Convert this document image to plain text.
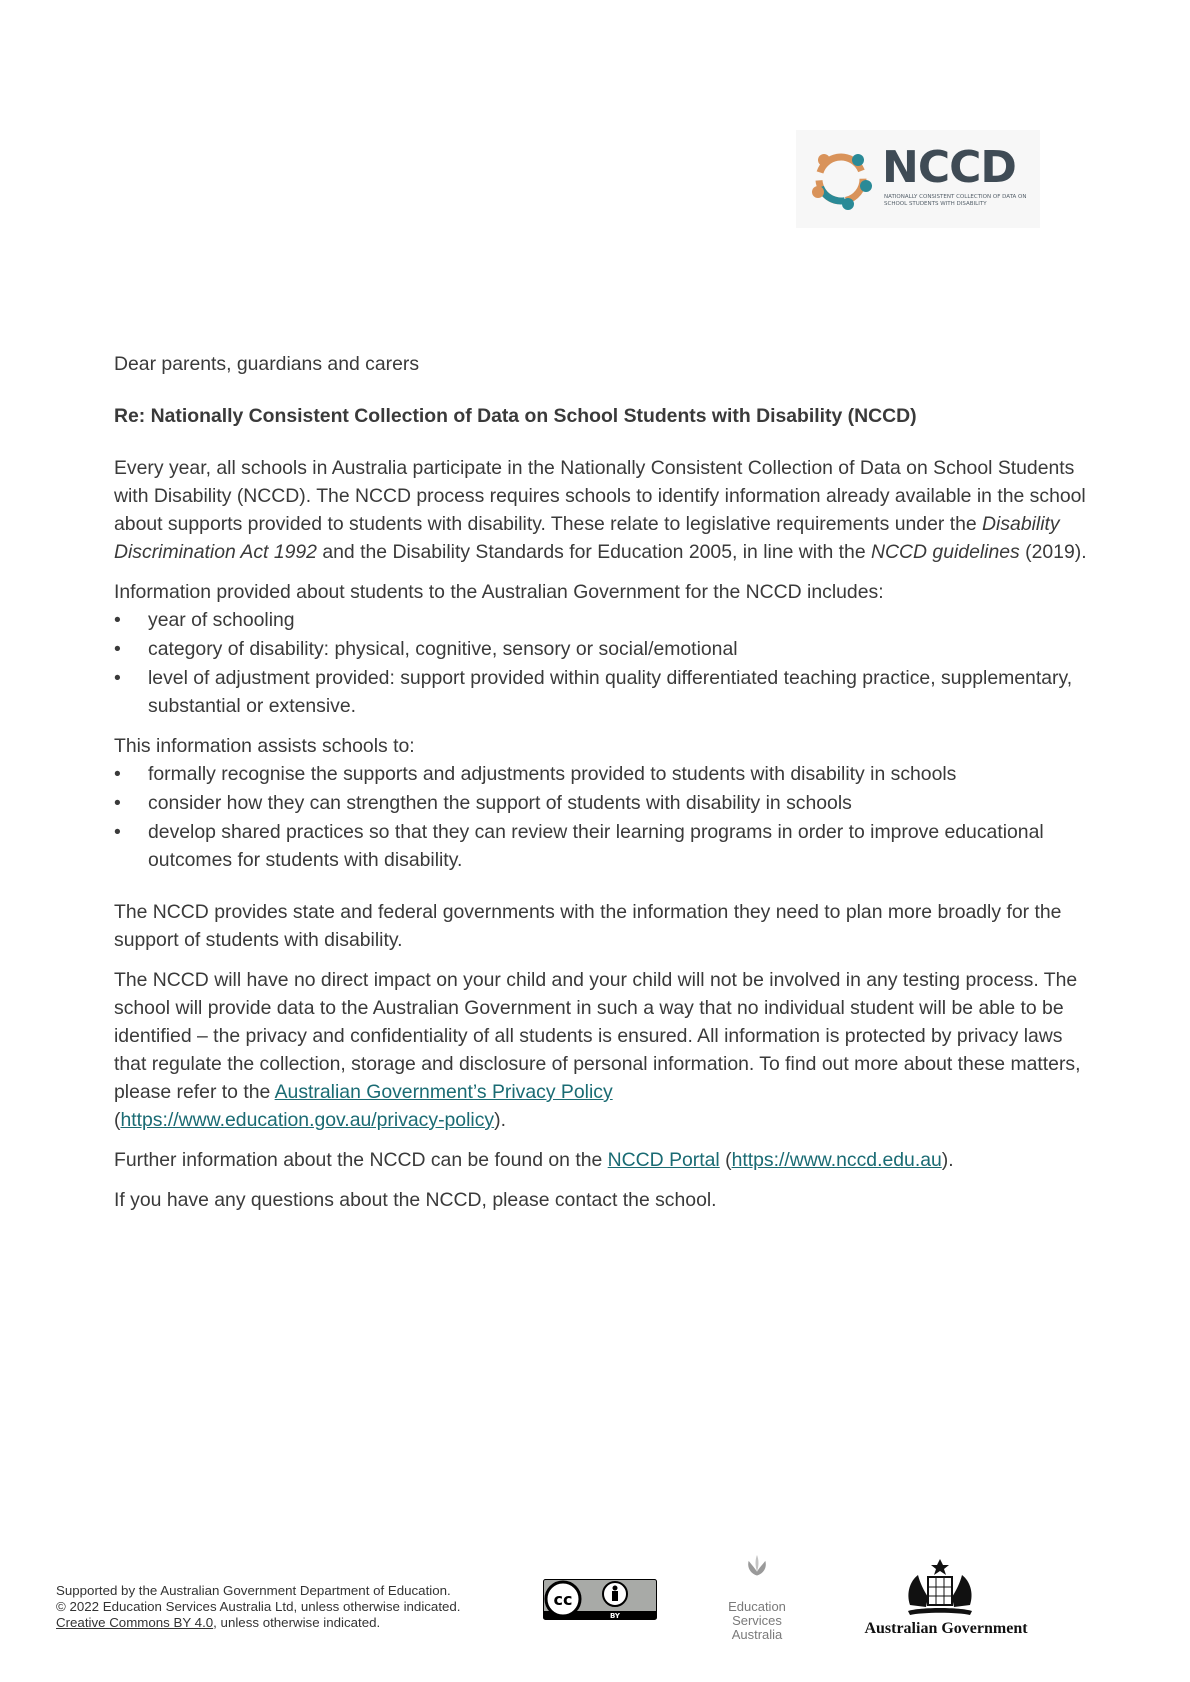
NCCD
NATIONALLY CONSISTENT COLLECTION OF DATA ON SCHOOL STUDENTS WITH DISABILITY

Dear parents, guardians and carers

Re: Nationally Consistent Collection of Data on School Students with Disability (NCCD)

Every year, all schools in Australia participate in the Nationally Consistent Collection of Data on School Students with Disability (NCCD). The NCCD process requires schools to identify information already available in the school about supports provided to students with disability. These relate to legislative requirements under the Disability Discrimination Act 1992 and the Disability Standards for Education 2005, in line with the NCCD guidelines (2019).

Information provided about students to the Australian Government for the NCCD includes:

• year of schooling
• category of disability: physical, cognitive, sensory or social/emotional
• level of adjustment provided: support provided within quality differentiated teaching practice, supplementary, substantial or extensive.

This information assists schools to:

• formally recognise the supports and adjustments provided to students with disability in schools
• consider how they can strengthen the support of students with disability in schools
• develop shared practices so that they can review their learning programs in order to improve educational outcomes for students with disability.

The NCCD provides state and federal governments with the information they need to plan more broadly for the support of students with disability.

The NCCD will have no direct impact on your child and your child will not be involved in any testing process. The school will provide data to the Australian Government in such a way that no individual student will be able to be identified – the privacy and confidentiality of all students is ensured. All information is protected by privacy laws that regulate the collection, storage and disclosure of personal information. To find out more about these matters, please refer to the Australian Government’s Privacy Policy
(https://www.education.gov.au/privacy-policy).

Further information about the NCCD can be found on the NCCD Portal (https://www.nccd.edu.au).

If you have any questions about the NCCD, please contact the school.

Supported by the Australian Government Department of Education.
© 2022 Education Services Australia Ltd, unless otherwise indicated.
Creative Commons BY 4.0, unless otherwise indicated.
cc
BY
Education Services Australia	Australian Government
